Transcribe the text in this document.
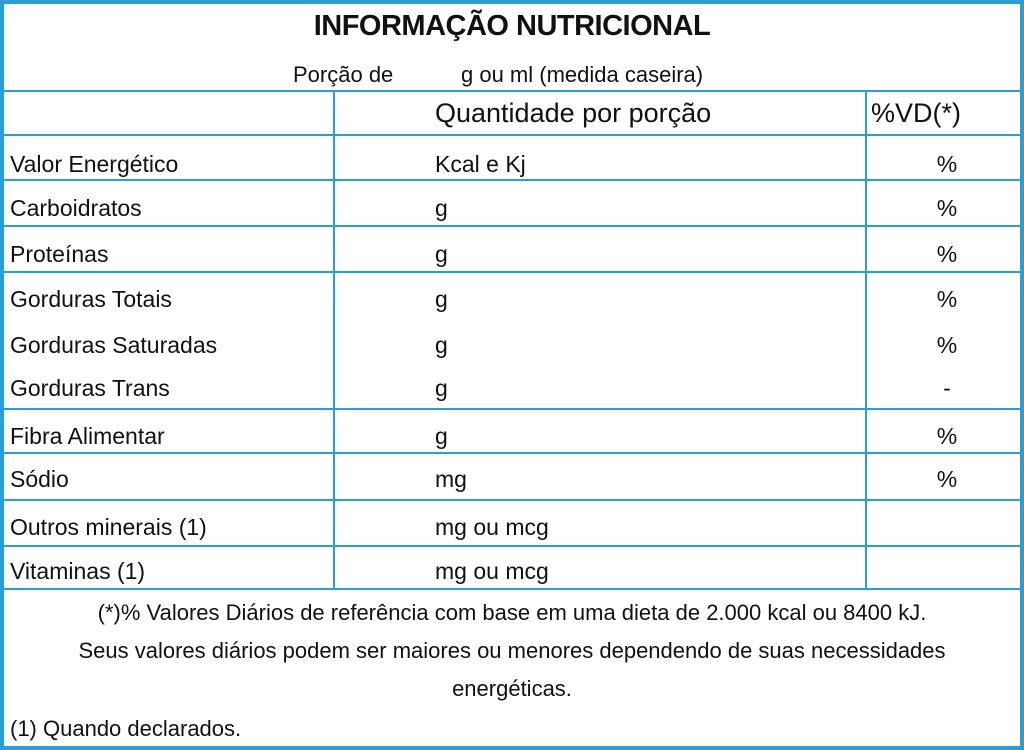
INFORMAÇÃO NUTRICIONAL
Porção de	g ou ml (medida caseira)
Quantidade por porção	%VD(*)
Valor Energético	Kcal e Kj	%
Carboidratos	g	%
Proteínas	g	%
Gorduras Totais	g	%
Gorduras Saturadas	g	%
Gorduras Trans	g	-
Fibra Alimentar	g	%
Sódio	mg	%
Outros minerais (1)	mg ou mcg
Vitaminas (1)	mg ou mcg
(*)% Valores Diários de referência com base em uma dieta de 2.000 kcal ou 8400 kJ.
Seus valores diários podem ser maiores ou menores dependendo de suas necessidades
energéticas.
(1) Quando declarados.
